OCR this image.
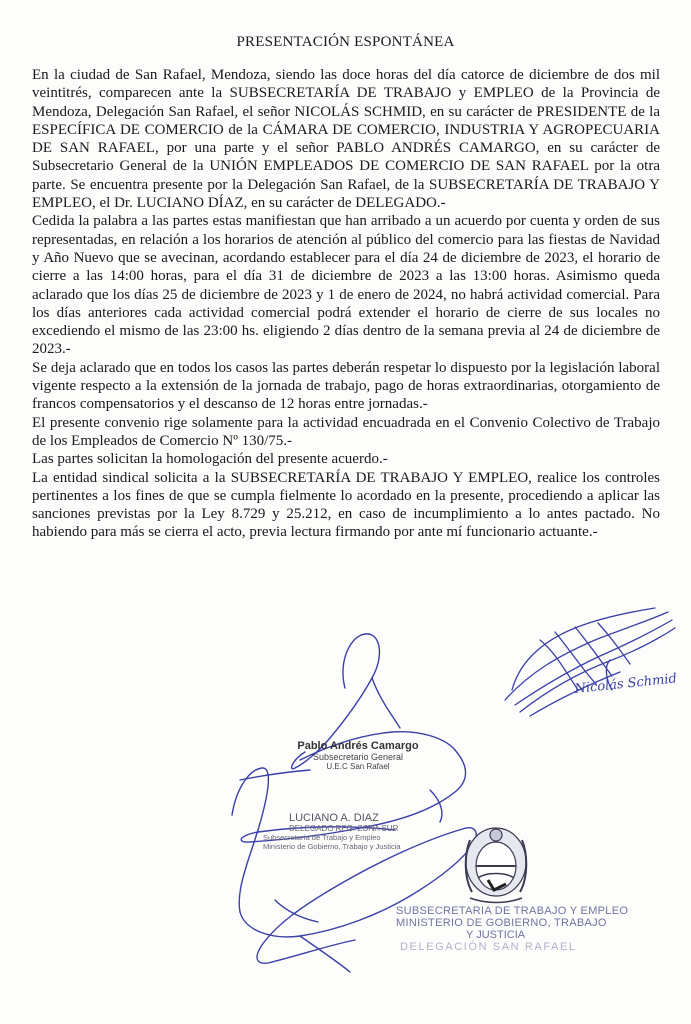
PRESENTACIÓN ESPONTÁNEA

En la ciudad de San Rafael, Mendoza, siendo las doce horas del día catorce de diciembre de dos mil veintitrés, comparecen ante la SUBSECRETARÍA DE TRABAJO y EMPLEO de la Provincia de Mendoza, Delegación San Rafael, el señor NICOLÁS SCHMID, en su carácter de PRESIDENTE de la ESPECÍFICA DE COMERCIO de la CÁMARA DE COMERCIO, INDUSTRIA Y AGROPECUARIA DE SAN RAFAEL, por una parte y el señor PABLO ANDRÉS CAMARGO, en su carácter de Subsecretario General de la UNIÓN EMPLEADOS DE COMERCIO DE SAN RAFAEL por la otra parte. Se encuentra presente por la Delegación San Rafael, de la SUBSECRETARÍA DE TRABAJO Y EMPLEO, el Dr. LUCIANO DÍAZ, en su carácter de DELEGADO.-

Cedida la palabra a las partes estas manifiestan que han arribado a un acuerdo por cuenta y orden de sus representadas, en relación a los horarios de atención al público del comercio para las fiestas de Navidad y Año Nuevo que se avecinan, acordando establecer para el día 24 de diciembre de 2023, el horario de cierre a las 14:00 horas, para el día 31 de diciembre de 2023 a las 13:00 horas. Asimismo queda aclarado que los días 25 de diciembre de 2023 y 1 de enero de 2024, no habrá actividad comercial. Para los días anteriores cada actividad comercial podrá extender el horario de cierre de sus locales no excediendo el mismo de las 23:00 hs. eligiendo 2 días dentro de la semana previa al 24 de diciembre de 2023.-

Se deja aclarado que en todos los casos las partes deberán respetar lo dispuesto por la legislación laboral vigente respecto a la extensión de la jornada de trabajo, pago de horas extraordinarias, otorgamiento de francos compensatorios y el descanso de 12 horas entre jornadas.-

El presente convenio rige solamente para la actividad encuadrada en el Convenio Colectivo de Trabajo de los Empleados de Comercio Nº 130/75.-

Las partes solicitan la homologación del presente acuerdo.-

La entidad sindical solicita a la SUBSECRETARÍA DE TRABAJO Y EMPLEO, realice los controles pertinentes a los fines de que se cumpla fielmente lo acordado en la presente, procediendo a aplicar las sanciones previstas por la Ley 8.729 y 25.212, en caso de incumplimiento a lo antes pactado. No habiendo para más se cierra el acto, previa lectura firmando por ante mí funcionario actuante.-

Nicolás Schmid
Pablo Andrés Camargo
Subsecretario General
U.E.C San Rafael
LUCIANO A. DIAZ
DELEGADO REG. ZONA SUR
Subsecretaría de Trabajo y Empleo
Ministerio de Gobierno, Trabajo y Justicia
SUBSECRETARIA DE TRABAJO Y EMPLEO
MINISTERIO DE GOBIERNO, TRABAJO
Y JUSTICIA
DELEGACIÓN SAN RAFAEL
